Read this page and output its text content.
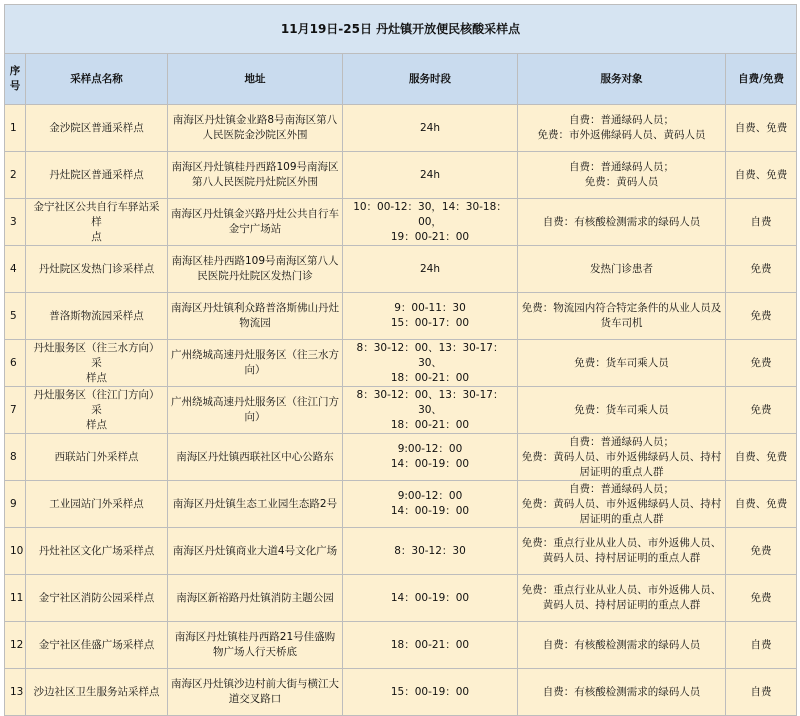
11月19日-25日 丹灶镇开放便民核酸采样点					

序
号	采样点名称	地址	服务时段	服务对象	自费/免费

1	金沙院区普通采样点	南海区丹灶镇金业路8号南海区第八
人民医院金沙院区外围	24h	自费：普通绿码人员；
免费：市外返佛绿码人员、黄码人员	自费、免费

2	丹灶院区普通采样点	南海区丹灶镇桂丹西路109号南海区
第八人民医院丹灶院区外围	24h	自费：普通绿码人员；
免费：黄码人员	自费、免费

3	金宁社区公共自行车驿站采样
点	南海区丹灶镇金兴路丹灶公共自行车
金宁广场站	10：00-12：30，14：30-18：00，
19：00-21：00	自费：有核酸检测需求的绿码人员	自费

4	丹灶院区发热门诊采样点	南海区桂丹西路109号南海区第八人
民医院丹灶院区发热门诊	24h	发热门诊患者	免费

5	普洛斯物流园采样点	南海区丹灶镇利众路普洛斯佛山丹灶
物流园	9：00-11：30
15：00-17：00	免费：物流园内符合特定条件的从业人员及
货车司机	免费

6	丹灶服务区（往三水方向）采
样点	广州绕城高速丹灶服务区（往三水方
向）	8：30-12：00、13：30-17：30、
18：00-21：00	免费：货车司乘人员	免费

7	丹灶服务区（往江门方向）采
样点	广州绕城高速丹灶服务区（往江门方
向）	8：30-12：00、13：30-17：30、
18：00-21：00	免费：货车司乘人员	免费

8	西联站门外采样点	南海区丹灶镇西联社区中心公路东	9:00-12：00
14：00-19：00	自费：普通绿码人员；
免费：黄码人员、市外返佛绿码人员、持村
居证明的重点人群	自费、免费

9	工业园站门外采样点	南海区丹灶镇生态工业园生态路2号	9:00-12：00
14：00-19：00	自费：普通绿码人员；
免费：黄码人员、市外返佛绿码人员、持村
居证明的重点人群	自费、免费

10	丹灶社区文化广场采样点	南海区丹灶镇商业大道4号文化广场	8：30-12：30	免费：重点行业从业人员、市外返佛人员、
黄码人员、持村居证明的重点人群	免费

11	金宁社区消防公园采样点	南海区新裕路丹灶镇消防主题公园	14：00-19：00	免费：重点行业从业人员、市外返佛人员、
黄码人员、持村居证明的重点人群	免费

12	金宁社区佳盛广场采样点	南海区丹灶镇桂丹西路21号佳盛购
物广场人行天桥底	18：00-21：00	自费：有核酸检测需求的绿码人员	自费

13	沙边社区卫生服务站采样点	南海区丹灶镇沙边村前大街与横江大
道交叉路口	15：00-19：00	自费：有核酸检测需求的绿码人员	自费
